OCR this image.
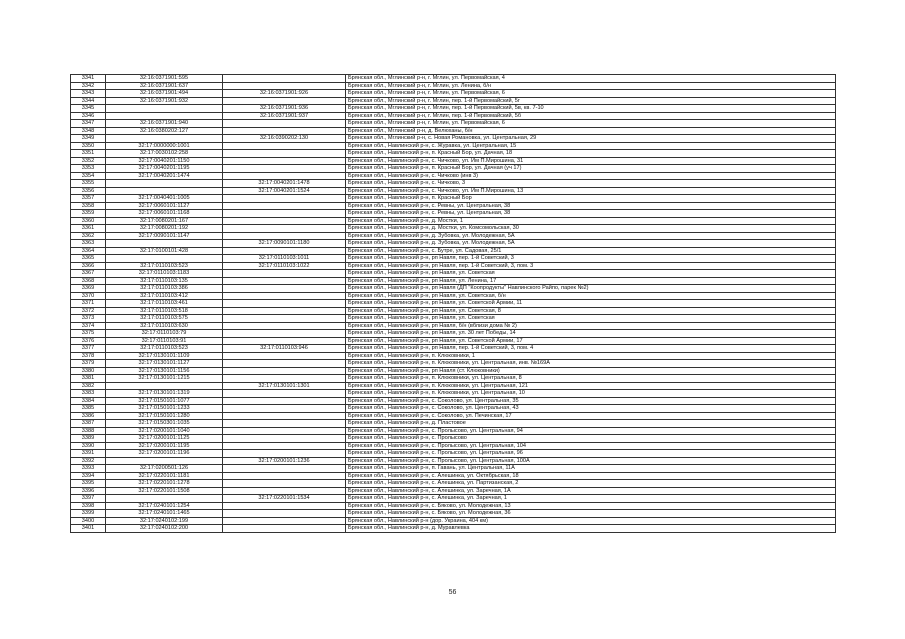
3341	32:16:0371901:595		Брянская обл., Мглинский р-н, г. Мглин, ул. Первомайская, 4
3342	32:16:0371901:637		Брянская обл., Мглинский р-н, г. Мглин, ул. Ленина, б/н
3343	32:16:0371901:494	32:16:0371901:926	Брянская обл., Мглинский р-н, г. Мглин, ул. Первомайская, 6
3344	32:16:0371901:932		Брянская обл., Мглинский р-н, г. Мглин, пер. 1-й Первомайский, 5г
3345		32:16:0371901:936	Брянская обл., Мглинский р-н, г. Мглин, пер. 1-й Первомайский, 5в, кв. 7-10
3346		32:16:0371901:937	Брянская обл., Мглинский р-н, г. Мглин, пер. 1-й Первомайский, 5б
3347	32:16:0371901:940		Брянская обл., Мглинский р-н, г. Мглин, ул. Первомайская, 6
3348	32:16:0380202:127		Брянская обл., Мглинский р-н, д. Велюханы, б/н
3349		32:16:0390202:130	Брянская обл., Мглинский р-н, с. Новая Романовка, ул. Центральная, 29
3350	32:17:0000000:1001		Брянская обл., Навлинский р-н, с. Журавка, ул. Центральная, 15
3351	32:17:0030102:258		Брянская обл., Навлинский р-н, п. Красный Бор, ул. Дачная, 18
3352	32:17:0040201:1150		Брянская обл., Навлинский р-н, с. Чичково, ул. Им П.Мирошина, 31
3353	32:17:0040201:1195		Брянская обл., Навлинский р-н, п. Красный Бор, ул. Дачная (уч 17)
3354	32:17:0040201:1474		Брянская обл., Навлинский р-н, с. Чичково (инв 3)
3355		32:17:0040201:1478	Брянская обл., Навлинский р-н, с. Чичково, 3
3356		32:17:0040201:1524	Брянская обл., Навлинский р-н, с. Чичково, ул. Им П.Мирошина, 13
3357	32:17:0040401:1005		Брянская обл., Навлинский р-н, п. Красный Бор
3358	32:17:0060101:1127		Брянская обл., Навлинский р-н, с. Ревны, ул. Центральная, 38
3359	32:17:0060101:1168		Брянская обл., Навлинский р-н, с. Ревны, ул. Центральная, 38
3360	32:17:0080201:167		Брянская обл., Навлинский р-н, д. Мостки, 1
3361	32:17:0080201:192		Брянская обл., Навлинский р-н, д. Мостки, ул. Комсомольская, 30
3362	32:17:0090101:1147		Брянская обл., Навлинский р-н, д. Зубовка, ул. Молодежная, 5А
3363		32:17:0090101:1180	Брянская обл., Навлинский р-н, д. Зубовка, ул. Молодежная, 5А
3364	32:17:0100101:428		Брянская обл., Навлинский р-н, с. Бутре, ул. Садовая, 25/1
3365		32:17:0110103:1011	Брянская обл., Навлинский р-н, рп Навля, пер. 1-й Советский, 3
3366	32:17:0110103:523	32:17:0110103:1022	Брянская обл., Навлинский р-н, рп Навля, пер. 1-й Советский, 3, пом. 3
3367	32:17:0110103:1183		Брянская обл., Навлинский р-н, рп Навля, ул. Советская
3368	32:17:0110103:135		Брянская обл., Навлинский р-н, рп Навля, ул. Ленина, 17
3369	32:17:0110103:386		Брянская обл., Навлинский р-н, рп Навля (ДП "Коопродукты" Навлинского Райпо, парек №2)
3370	32:17:0110103:412		Брянская обл., Навлинский р-н, рп Навля, ул. Советская, б/н
3371	32:17:0110103:461		Брянская обл., Навлинский р-н, рп Навля, ул. Советской Армии, 11
3372	32:17:0110103:518		Брянская обл., Навлинский р-н, рп Навля, ул. Советская, 8
3373	32:17:0110103:575		Брянская обл., Навлинский р-н, рп Навля, ул. Советская
3374	32:17:0110103:630		Брянская обл., Навлинский р-н, рп Навля, б/н (вблизи дома № 2)
3375	32:17:0110103:79		Брянская обл., Навлинский р-н, рп Навля, ул. 30 лет Победы, 14
3376	32:17:0110103:91		Брянская обл., Навлинский р-н, рп Навля, ул. Советской Армии, 17
3377	32:17:0110103:523	32:17:0110103:946	Брянская обл., Навлинский р-н, рп Навля, пер. 1-й Советский, 3, пом. 4
3378	32:17:0130101:1109		Брянская обл., Навлинский р-н, п. Клюковники, 1
3379	32:17:0130101:1127		Брянская обл., Навлинский р-н, п. Клюковники, ул. Центральная, инв. №169А
3380	32:17:0130101:1156		Брянская обл., Навлинский р-н, рп Навля (ст. Клюковники)
3381	32:17:0130101:1215		Брянская обл., Навлинский р-н, п. Клюковники, ул. Центральная, 8
3382		32:17:0130101:1301	Брянская обл., Навлинский р-н, п. Клюковники, ул. Центральная, 121
3383	32:17:0130101:1319		Брянская обл., Навлинский р-н, п. Клюковники, ул. Центральная, 10
3384	32:17:0150101:1077		Брянская обл., Навлинский р-н, с. Соколово, ул. Центральная, 35
3385	32:17:0150101:1233		Брянская обл., Навлинский р-н, с. Соколово, ул. Центральная, 43
3386	32:17:0150101:1280		Брянская обл., Навлинский р-н, с. Соколово, ул. Печинская, 17
3387	32:17:0150301:1035		Брянская обл., Навлинский р-н, д. Пластовое
3388	32:17:0200101:1040		Брянская обл., Навлинский р-н, с. Пролысово, ул. Центральная, 94
3389	32:17:0200101:1125		Брянская обл., Навлинский р-н, с. Пролысово
3390	32:17:0200101:1195		Брянская обл., Навлинский р-н, с. Пролысово, ул. Центральная, 104
3391	32:17:0200101:1196		Брянская обл., Навлинский р-н, с. Пролысово, ул. Центральная, 96
3392		32:17:0200101:1236	Брянская обл., Навлинский р-н, с. Пролысово, ул. Центральная, 100А
3393	32:17:0200501:126		Брянская обл., Навлинский р-н, п. Гавань, ул. Центральная, 11А
3394	32:17:0220101:1181		Брянская обл., Навлинский р-н, с. Алешинка, ул. Октябрьская, 18
3395	32:17:0220101:1278		Брянская обл., Навлинский р-н, с. Алешинка, ул. Партизанская, 2
3396	32:17:0220101:1508		Брянская обл., Навлинский р-н, с. Алешинка, ул. Заречная, 1А
3397		32:17:0220101:1534	Брянская обл., Навлинский р-н, с. Алешинка, ул. Заречная, 1
3398	32:17:0240101:1254		Брянская обл., Навлинский р-н, с. Бяково, ул. Молодежная, 13
3399	32:17:0240101:1465		Брянская обл., Навлинский р-н, с. Бяково, ул. Молодежная, 36
3400	32:17:0240102:199		Брянская обл., Навлинский р-н (дор. Украина, 404 км)
3401	32:17:0240102:200		Брянская обл., Навлинский р-н, д. Муравлевка
56
